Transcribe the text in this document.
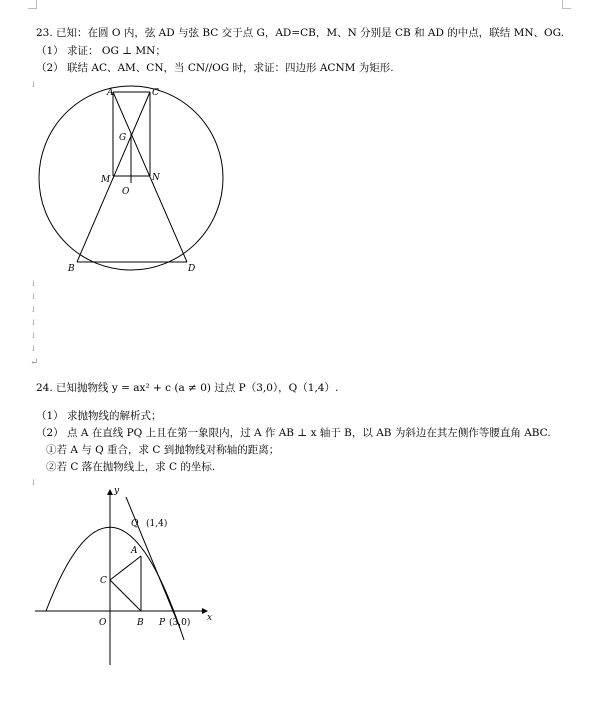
23. 已知：在圆 O 内，弦 AD 与弦 BC 交于点 G，AD=CB，M、N 分别是 CB 和 AD 的中点，联结 MN、OG.
（1） 求证： OG ⊥ MN；
（2） 联结 AC、AM、CN，当 CN//OG 时，求证：四边形 ACNM 为矩形.
↓
A	C
G
M	N
O
B	D
↓
↓
↓
↓
↓
↓
↵
24. 已知抛物线 y = ax² + c (a ≠ 0) 过点 P（3,0），Q（1,4）.
（1） 求抛物线的解析式；
（2） 点 A 在直线 PQ 上且在第一象限内，过 A 作 AB ⊥ x 轴于 B，以 AB 为斜边在其左侧作等腰直角 ABC.
①若 A 与 Q 重合，求 C 到抛物线对称轴的距离；
②若 C 落在抛物线上，求 C 的坐标.
↓
y
x
Q (1,4)
A
C
O	B P (3,0)
